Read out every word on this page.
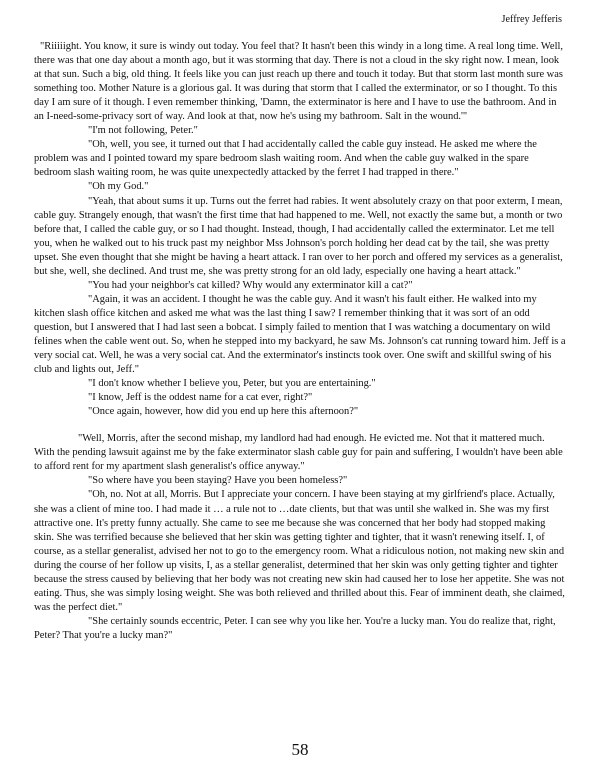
Jeffrey Jefferis

"Riiiiight. You know, it sure is windy out today. You feel that? It hasn't been this windy in a long time. A real long time. Well, there was that one day about a month ago, but it was storming that day. There is not a cloud in the sky right now. I mean, look at that sun. Such a big, old thing. It feels like you can just reach up there and touch it today. But that storm last month sure was something too. Mother Nature is a glorious gal. It was during that storm that I called the exterminator, or so I thought. To this day I am sure of it though. I even remember thinking, 'Damn, the exterminator is here and I have to use the bathroom. And in an I-need-some-privacy sort of way. And look at that, now he's using my bathroom. Salt in the wound.'"

"I'm not following, Peter."

"Oh, well, you see, it turned out that I had accidentally called the cable guy instead. He asked me where the problem was and I pointed toward my spare bedroom slash waiting room. And when the cable guy walked in the spare bedroom slash waiting room, he was quite unexpectedly attacked by the ferret I had trapped in there."

"Oh my God."

"Yeah, that about sums it up. Turns out the ferret had rabies. It went absolutely crazy on that poor exterm, I mean, cable guy. Strangely enough, that wasn't the first time that had happened to me. Well, not exactly the same but, a month or two before that, I called the cable guy, or so I had thought. Instead, though, I had accidentally called the exterminator. Let me tell you, when he walked out to his truck past my neighbor Mss Johnson's porch holding her dead cat by the tail, she was pretty upset. She even thought that she might be having a heart attack. I ran over to her porch and offered my services as a generalist, but she, well, she declined. And trust me, she was pretty strong for an old lady, especially one having a heart attack."

"You had your neighbor's cat killed? Why would any exterminator kill a cat?"

"Again, it was an accident. I thought he was the cable guy. And it wasn't his fault either. He walked into my kitchen slash office kitchen and asked me what was the last thing I saw? I remember thinking that it was sort of an odd question, but I answered that I had last seen a bobcat. I simply failed to mention that I was watching a documentary on wild felines when the cable went out. So, when he stepped into my backyard, he saw Ms. Johnson's cat running toward him. Jeff is a very social cat. Well, he was a very social cat. And the exterminator's instincts took over. One swift and skillful swing of his club and lights out, Jeff."

"I don't know whether I believe you, Peter, but you are entertaining."

"I know, Jeff is the oddest name for a cat ever, right?"

"Once again, however, how did you end up here this afternoon?"

"Well, Morris, after the second mishap, my landlord had had enough. He evicted me. Not that it mattered much. With the pending lawsuit against me by the fake exterminator slash cable guy for pain and suffering, I wouldn't have been able to afford rent for my apartment slash generalist's office anyway."

"So where have you been staying? Have you been homeless?"

"Oh, no. Not at all, Morris. But I appreciate your concern. I have been staying at my girlfriend's place. Actually, she was a client of mine too. I had made it … a rule not to …date clients, but that was until she walked in. She was my first attractive one. It's pretty funny actually. She came to see me because she was concerned that her body had stopped making skin. She was terrified because she believed that her skin was getting tighter and tighter, that it wasn't renewing itself. I, of course, as a stellar generalist, advised her not to go to the emergency room. What a ridiculous notion, not making new skin and during the course of her follow up visits, I, as a stellar generalist, determined that her skin was only getting tighter and tighter because the stress caused by believing that her body was not creating new skin had caused her to lose her appetite. She was not eating. Thus, she was simply losing weight. She was both relieved and thrilled about this. Fear of imminent death, she claimed, was the perfect diet."

"She certainly sounds eccentric, Peter. I can see why you like her. You're a lucky man. You do realize that, right, Peter? That you're a lucky man?"

58
